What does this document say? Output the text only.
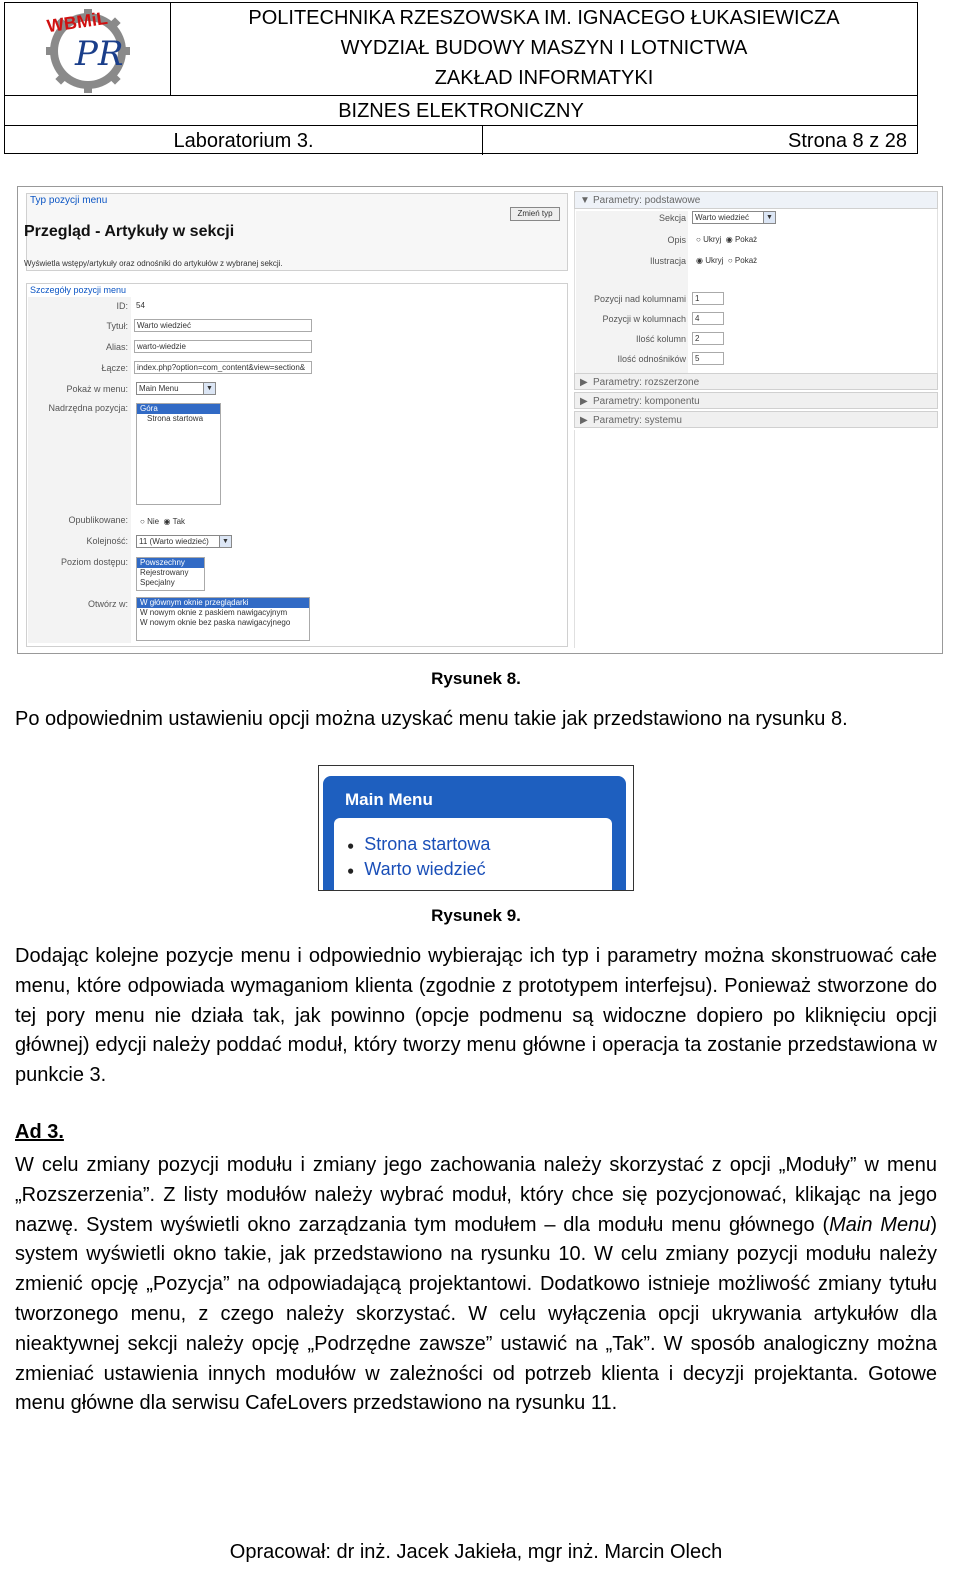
PR
WBMiL	POLITECHNIKA RZESZOWSKA IM. IGNACEGO ŁUKASIEWICZA
WYDZIAŁ BUDOWY MASZYN I LOTNICTWA
ZAKŁAD INFORMATYKI
BIZNES ELEKTRONICZNY
Laboratorium 3.	Strona 8 z 28
Typ pozycji menu
Zmień typ
Przegląd - Artykuły w sekcji
Wyświetla wstępy/artykuły oraz odnośniki do artykułów z wybranej sekcji.
Szczegóły pozycji menu
ID: 54
Tytuł:	Warto wiedzieć
Alias:	warto-wiedzie
Łącze:	index.php?option=com_content&view=section&
Pokaż w menu:	Main Menu	▼
Nadrzędna pozycja:	Góra
Strona startowa
Opublikowane: ○ Nie  ◉ Tak
Kolejność:	11 (Warto wiedzieć)	▼
Poziom dostępu:	Powszechny
Rejestrowany
Specjalny
Otwórz w:	W głównym oknie przeglądarki
W nowym oknie z paskiem nawigacyjnym
W nowym oknie bez paska nawigacyjnego
▼ Parametry: podstawowe
Sekcja	Warto wiedzieć	▼
Opis ○ Ukryj  ◉ Pokaż
Ilustracja ◉ Ukryj  ○ Pokaż
Pozycji nad kolumnami	1
Pozycji w kolumnach	4
Ilość kolumn	2
Ilość odnośników	5
▶ Parametry: rozszerzone
▶ Parametry: komponentu
▶ Parametry: systemu
Rysunek 8.
Po odpowiednim ustawieniu opcji można uzyskać menu takie jak przedstawiono na rysunku 8.
Main Menu
● Strona startowa
● Warto wiedzieć
Rysunek 9.
Dodając kolejne pozycje menu i odpowiednio wybierając ich typ i parametry można skonstruować całe menu, które odpowiada wymaganiom klienta (zgodnie z prototypem interfejsu). Ponieważ stworzone do tej pory menu nie działa tak, jak powinno (opcje podmenu są widoczne dopiero po kliknięciu opcji głównej) edycji należy poddać moduł, który tworzy menu główne i operacja ta zostanie przedstawiona w punkcie 3.
Ad 3.
W celu zmiany pozycji modułu i zmiany jego zachowania należy skorzystać z opcji „Moduły” w menu „Rozszerzenia”. Z listy modułów należy wybrać moduł, który chce się pozycjonować, klikając na jego nazwę. System wyświetli okno zarządzania tym modułem – dla modułu menu głównego (Main Menu) system wyświetli okno takie, jak przedstawiono na rysunku 10. W celu zmiany pozycji modułu należy zmienić opcję „Pozycja” na odpowiadającą projektantowi. Dodatkowo istnieje możliwość zmiany tytułu tworzonego menu, z czego należy skorzystać. W celu wyłączenia opcji ukrywania artykułów dla nieaktywnej sekcji należy opcję „Podrzędne zawsze” ustawić na „Tak”. W sposób analogiczny można zmieniać ustawienia innych modułów w zależności od potrzeb klienta i decyzji projektanta. Gotowe menu główne dla serwisu CafeLovers przedstawiono na rysunku 11.
Opracował: dr inż. Jacek Jakieła, mgr inż. Marcin Olech
